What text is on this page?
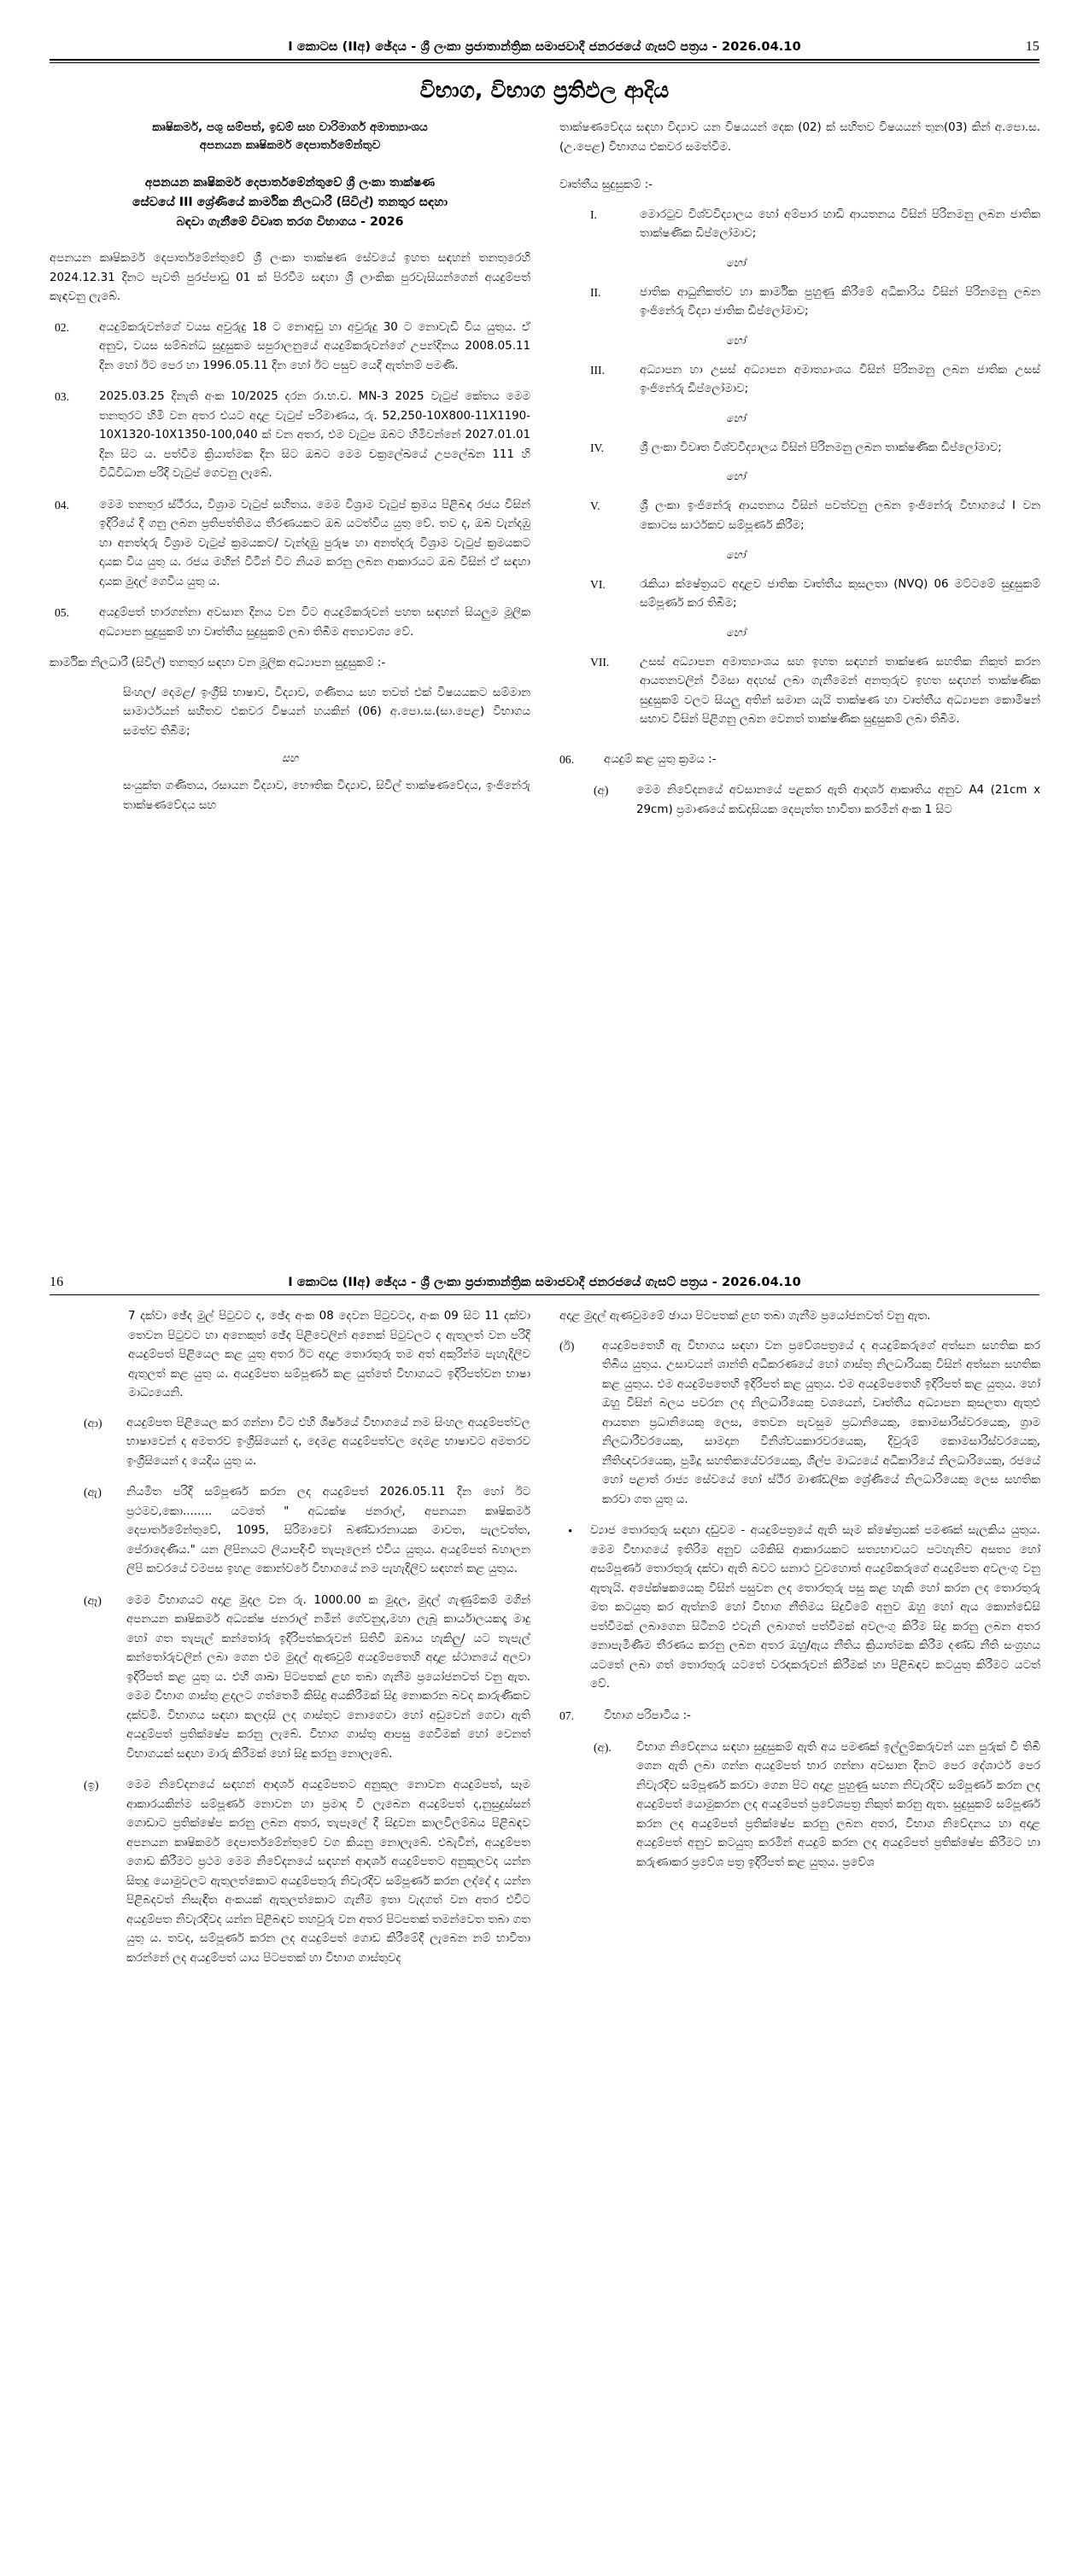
I කොටස (IIඅ) ඡේදය - ශ්‍රී ලංකා ප්‍රජාතාන්ත්‍රික සමාජවාදී ජනරජයේ ගැසට් පත්‍රය - 2026.04.10	15
විභාග, විභාග ප්‍රතිඵල ආදිය
කෘෂිකර්ම, පශු සම්පත්, ඉඩම් සහ වාරිමාර්ග අමාත්‍යාංශය
අපනයන කෘෂිකර්ම දෙපාර්තමේන්තුව
අපනයන කෘෂිකර්ම දෙපාර්තමේන්තුවේ ශ්‍රී ලංකා තාක්ෂණ
සේවයේ III ශ්‍රේණියේ කාර්මික නිලධාරී (සිවිල්) තනතුර සඳහා
බඳවා ගැනීමේ විවෘත තරග විභාගය - 2026

අපනයන කෘෂිකර්ම දෙපාර්තමේන්තුවේ ශ්‍රී ලංකා තාක්ෂණ සේවයේ ඉහත සඳහන් තනතුරෙහි 2024.12.31 දිනට පැවති පුරප්පාඩු 01 ක් පිරවීම සඳහා ශ්‍රී ලාංකික පුරවැසියන්ගෙන් අයදුම්පත් කැඳවනු ලැබේ.

02.	අයදුම්කරුවන්ගේ වයස අවුරුදු 18 ට නොඅඩු හා අවුරුදු 30 ට නොවැඩි විය යුතුය. ඒ අනුව, වයස සම්බන්ධ සුදුසුකම සපුරාලනුයේ අයදුම්කරුවන්ගේ උපන්දිනය 2008.05.11 දින හෝ ඊට පෙර හා 1996.05.11 දින හෝ ඊට පසුව යෙදී ඇත්නම් පමණි.
03.	2025.03.25 දිනැති අංක 10/2025 දරන රා.භ.ච. MN-3 2025 වැටුප් කේතය මෙම තනතුරට හිමි වන අතර එයට අදාළ වැටුප් පරිමාණය, රු. 52,250-10X800-11X1190-10X1320-10X1350-100,040 ක් වන අතර, එම වැටුප ඔබට හිමිවන්නේ 2027.01.01 දින සිට ය. පත්වීම ක්‍රියාත්මක දින සිට ඔබට මෙම චක්‍රලේඛයේ උපලේඛන 111 හි විධිවිධාන පරිදි වැටුප් ගෙවනු ලැබේ.
04.	මෙම තනතුර ස්ථීරය, විශ්‍රාම වැටුප් සහිතය. මෙම විශ්‍රාම වැටුප් ක්‍රමය පිළිබඳ රජය විසින් ඉදිරියේ දී ගනු ලබන ප්‍රතිපත්තිමය තීරණයකට ඔබ යටත්විය යුතු වේ. තව ද, ඔබ වැන්දඹු හා අනත්දරු විශ්‍රාම වැටුප් ක්‍රමයකට/ වැන්දඹු පුරුෂ හා අනත්දරු විශ්‍රාම වැටුප් ක්‍රමයකට දායක විය යුතු ය. රජය මහින් විටින් විට නියම කරනු ලබන ආකාරයට ඔබ විසින් ඒ සඳහා දායක මුදල් ගෙවිය යුතු ය.
05.	අයදුම්පත් භාරගන්නා අවසාන දිනය වන විට අයදුම්කරුවන් පහත සඳහන් සියලුම මූලික අධ්‍යාපන සුදුසුකම් හා වෘත්තීය සුදුසුකම් ලබා තිබීම අත්‍යාවශ්‍ය වේ.
කාර්මික නිලධාරී (සිවිල්) තනතුර සඳහා වන මූලික අධ්‍යාපන සුදුසුකම් :-
සිංහල/ දෙමළ/ ඉංග්‍රීසි භාෂාව, විද්‍යාව, ගණිතය සහ තවත් එක් විෂයයකට සම්මාන සාමාර්ථයන් සහිතව එකවර විෂයන් හයකින් (06) අ.පො.ස.(සා.පෙළ) විභාගය සමත්ව තිබීම;
සහ
සංයුක්ත ගණිතය, රසායන විද්‍යාව, භෞතික විද්‍යාව, සිවිල් තාක්ෂණවේදය, ඉංජිනේරු තාක්ෂණවේදය සහ
තාක්ෂණවේදය සඳහා විද්‍යාව යන විෂයයන් දෙක (02) ක් සහිතව විෂයයන් තුන(03) කින් අ.පො.ස. (උ.පෙළ) විභාගය එකවර සමත්වීම.
වෘත්තීය සුදුසුකම් :-
I.	මොරටුව විශ්වවිද්‍යාලය හෝ අම්පාර හාඩි ආයතනය විසින් පිරිනමනු ලබන ජාතික තාක්ෂණික ඩිප්ලෝමාව;
හෝ
II.	ජාතික ආධුනිකත්ව හා කාර්මික පුහුණු කිරීමේ අධිකාරිය විසින් පිරිනමනු ලබන ඉංජිනේරු විද්‍යා ජාතික ඩිප්ලෝමාව;
හෝ
III.	අධ්‍යාපන හා උසස් අධ්‍යාපන අමාත්‍යාංශය විසින් පිරිනමනු ලබන ජාතික උසස් ඉංජිනේරු ඩිප්ලෝමාව;
හෝ
IV.	ශ්‍රී ලංකා විවෘත විශ්වවිද්‍යාලය විසින් පිරිනමනු ලබන තාක්ෂණික ඩිප්ලෝමාව;
හෝ
V.	ශ්‍රී ලංකා ඉංජිනේරු ආයතනය විසින් පවත්වනු ලබන ඉංජිනේරු විභාගයේ I වන කොටස සාර්ථකව සම්පූර්ණ කිරීම;
හෝ
VI.	රැකියා ක්ෂේත්‍රයට අදාළව ජාතික වෘත්තීය කුසලතා (NVQ) 06 මට්ටමේ සුදුසුකම් සම්පූර්ණ කර තිබීම;
හෝ
VII.	උසස් අධ්‍යාපන අමාත්‍යාංශය සහ ඉහත සඳහන් තාක්ෂණ සහතික නිකුත් කරන ආයතනවලින් විමසා අදහස් ලබා ගැනීමෙන් අනතුරුව ඉහත සඳහන් තාක්ෂණික සුදුසුකම් වලට සියලු අතින් සමාන යැයි තාක්ෂණ හා වෘත්තීය අධ්‍යාපන කොමිෂන් සභාව විසින් පිළිගනු ලබන වෙනත් තාක්ෂණික සුදුසුකම් ලබා තිබීම.
06.	අයදුම් කළ යුතු ක්‍රමය :-
(අ)	මෙම නිවේදනයේ අවසානයේ පළකර ඇති ආදර්ශ ආකෘතිය අනුව A4 (21cm x 29cm) ප්‍රමාණයේ කඩදාසියක දෙපැත්ත භාවිතා කරමින් අංක 1 සිට
16	I කොටස (IIඅ) ඡේදය - ශ්‍රී ලංකා ප්‍රජාතාන්ත්‍රික සමාජවාදී ජනරජයේ ගැසට් පත්‍රය - 2026.04.10
7 දක්වා ඡේද මුල් පිටුවට ද, ඡේද අංක 08 දෙවන පිටුවටද, අංක 09 සිට 11 දක්වා තෙවන පිටුවට හා අනෙකුත් ඡේද පිළිවෙලින් අනෙක් පිටුවලට ද ඇතුලත් වන පරිදි අයදුම්පත් පිළියෙල කළ යුතු අතර ඊට අදාළ තොරතුරු තම අත් අකුරින්ම පැහැදිලිව ඇතුලත් කළ යුතු ය. අයදුම්පත සම්පූර්ණ කළ යුත්තේ විභාගයට ඉදිරිපත්වන භාෂා මාධ්‍යයෙනි.
(ආ)	අයදුම්පත පිළියෙල කර ගන්නා විට එහි ශීර්ෂයේ විභාගයේ නම සිංහල අයදුම්පත්වල භාෂාවෙන් ද අමතරව ඉංග්‍රීසියෙන් ද, දෙමළ අයදුම්පත්වල දෙමළ භාෂාවට අමතරව ඉංග්‍රීසියෙන් ද යෙදිය යුතු ය.
(ඇ)	නියමිත පරිදි සම්පූර්ණ කරන ලද අයදුම්පත් 2026.05.11 දින හෝ ඊට ප්‍රථමව,කො........ යටතේ " අධ්‍යක්ෂ ජනරාල්, අපනයන කෘෂිකර්ම දෙපාර්තමේන්තුවේ, 1095, සිරිමාවෝ බණ්ඩාරනායක මාවත, පැලවත්ත, පේරාදෙණිය." යන ලිපිනයට ලියාපදිංචි තැපෑලෙන් එවිය යුතුය. අයදුම්පත් බහාලන ලිපි කවරයේ වමපස ඉහළ කොන්වරේ විභාගයේ නම පැහැදිලිව සඳහන් කළ යුතුය.
(ඈ)	මෙම විභාගයට අදාළ මුදල වන රු. 1000.00 ක මුදල, මුදල් ගැණුම්කම් මගින් අපනයන කෘෂිකර්ම අධ්‍යක්ෂ ජනරාල් නමින් ගේවනුද,මහා ලැබූ කාර්යාලයකදෑ මාදු හෝ ගත තැපැල් කන්තෝරු ඉදිරිපත්කරුවන් සිතිවි ඔබාය හැකිලු/ යට තැපැල් කන්තෝරුවලින් ලබා ගෙන එම මුදල් ඇණවුම් අයදුම්පතෙහි අදාළ ස්ථානයේ අලවා ඉදිරිපත් කළ යුතු ය. එහි ශාඛා පිටපතක් ළඟ තබා ගැනීම ප්‍රයෝජනවත් වනු ඇත. මෙම විභාග ගාස්තු ළදලට ගත්තෙමි කිසිදු අයකිරීමක් සිදු නොකරන බවද කාරුණිකව දක්වමි. විභාගය සඳහා කලදාසි ලද ගාස්තුව නොගෙවා හෝ අඩුවෙන් ගෙවා ඇති අයදුම්පත් ප්‍රතික්ෂේප කරනු ලැබේ. විභාග ගාස්තු ආපසු ගෙවීමක් හෝ වෙනත් විභාගයක් සඳහා මාරු කිරීමක් හෝ සිදු කරනු නොලැබේ.
(ඉ)	මෙම නිවේදනයේ සඳහන් ආදර්ශ අයදුම්පතට අනුකූල නොවන අයදුම්පත්, සෑම ආකාරයකින්ම සම්පූර්ණ නොවන හා ප්‍රමාද වී ලැබෙන අයදුම්පත් ද,නුසුදුස්සන් ගොඩාට ප්‍රතික්ෂේප කරනු ලබන අතර, තැපෑලේ දී සිදුවන කාලවිලම්බය පිළිබඳව අපනයන කෘෂිකර්ම දෙපාර්තමේන්තුවේ වග කියනු නොලැබේ. එබැවින්, අයදුම්පත ගොඩ කිරීමට ප්‍රථම මෙම නිවේදනයේ සඳහන් ආදර්ශ අයදුම්පතට අනුකූලවද යන්න සිතුදු යොමුවලට ඇතුලත්කොට අයදුම්පතුරු නිවැරදිව සම්පූර්ණ කරන ලද්දේ ද යන්න පිළිබදවත් නිසැඳිත අංකයක් ඇතුලත්කොට ගැනීම ඉතා වැදගත් වන අතර එවිට අයදුම්පත නිවැරදිවද යන්න පිළිබඳව තහවුරු වන අතර පිටපතක් තමන්වෙත තබා ගත යුතු ය. තවද, සම්පූර්ණ කරන ලද අයදුම්පත් ගොඩ කිරීමේදී ලැබෙන නම් භාවිතා කරන්නේ ලද අයදුම්පත් යාය පිටපතක් හා විභාග ගාස්තුවද
අදාළ මුදල් ඇණවුමමේ ඡායා පිටපතක් ළඟ තබා ගැනීම ප්‍රයෝජනවත් වනු ඇත.
(ඊ)	අයදුම්පතෙහි ඇ විභාගය සඳහා වන ප්‍රවේශපත්‍රයේ ද අයදුම්කරුගේ අත්සන සහතික කර තිබිය යුතුය. උසාවයන් ශාන්ති අධිකරණයේ හෝ ගාස්තු නිලධාරියකු විසින් අත්සන සහතික කළ යුතුය. එම අයදුම්පතෙහි ඉදිරිපත් කළ යුතුය. එම අයදුම්පතෙහි ඉදිරිපත් කළ යුතුය. හෝ ඔහු විසින් බලය පවරන ලද නිලධාරියෙකු වශයෙන්, වෘත්තීය අධ්‍යාපන කුසලතා ඇතුළු ආයතන ප්‍රධානියෙකු ලෙස, තෙවන පැවසුම ප්‍රධානියෙකු, කොමසාරිස්වරයෙකු, ග්‍රාම නිලධාරීවරයෙකු, සාමදාන විනිශ්චයකාරවරයෙකු, දිවුරුම් කොමසාරිස්වරයෙකු, නීතිඥවරයෙකු, පුමිදූ සහතිකයේවරයෙකු, ශිල්ප මාධ්‍යයේ අධිකාරියේ නිලධාරියෙකු, රජයේ හෝ පළාත් රාජ්‍ය සේවයේ හෝ ස්ථීර මාණ්ඩලික ශ්‍රේණියේ නිලධාරියෙකු ලෙස සහතික කරවා ගත යුතු ය.
•	ව්‍යාජ තොරතුරු සඳහා දඩුවම - අයදුම්පත්‍රයේ ඇති සෑම ක්ෂේත්‍රයක් පමණක් සැලකිය යුතුය. මෙම විභාගයේ ඉතිරිම අනුව යම්කිසි ආකාරයකට සත්‍යභාවයට පටහැනිව අසත්‍ය හෝ අසම්පූර්ණ තොරතුරු දක්වා ඇති බවට සනාථ වුවහොත් අයදුම්කරුගේ අයදුම්පත අවලංගු වනු ඇතැයි. අපේක්ෂකයෙකු විසින් පසුවන ලද තොරතුරු පසු කළ හැකි හෝ කරන ලද තොරතුරු මත කටයුතු කර ඇත්නම් හෝ විභාග නීතිමය සිදුවීමේ අනුව ඔහු හෝ ඇය කොන්ඩේසි පත්වීමක් ලබාගෙන සිටීනම් එවැනි ලබාගත් පත්වීමක් අවලංගු කිරීම සිදු කරනු ලබන අතර නොපැමිණීම තීරණය කරනු ලබන අතර ඔහු/ඇය නීතිය ක්‍රියාත්මක කිරීම දණ්ඩ නීති සංග්‍රහය යටතේ ලබා ගත් තොරතුරු යටතේ වරදකරුවන් කිරීමක් හා පිළිබඳව කටයුතු කිරීමට යටත් වේ.
07.	විභාග පරිපාටිය :-
(අ).	විභාග නිවේදනය සඳහා සුදුසුකම් ඇති අය පමණක් ඉල්ලුම්කරුවන් යන පුරුක් වී තිබී ගෙන ඇති ලබා ගන්න අයදුම්පත් භාර ගන්නා අවසාන දිනට පෙර දේශාර්ථ පෙර නිවැරදිව සම්පූර්ණ කරවා ගෙන පිට අදාළ පුහුණු සහන නිවැරදිව සම්පූර්ණ කරන ලද අයදුම්පත් යොමුකරන ලද අයදුම්පත් ප්‍රවේශපත්‍ර නිකුත් කරනු ඇත. සුදුසුකම් සම්පූර්ණ කරන ලද අයදුම්පත් ප්‍රතික්ෂේප කරනු ලබන අතර, විභාග නිවේදනය හා අදාළ අයදුම්පත් අනුව කටයුතු කරමින් අයදුම් කරන ලද අයදුම්පත් ප්‍රතික්ෂේප කිරීමට හා කරුණාකර ප්‍රවේශ පත්‍ර ඉදිරිපත් කළ යුතුය. ප්‍රවේශ
